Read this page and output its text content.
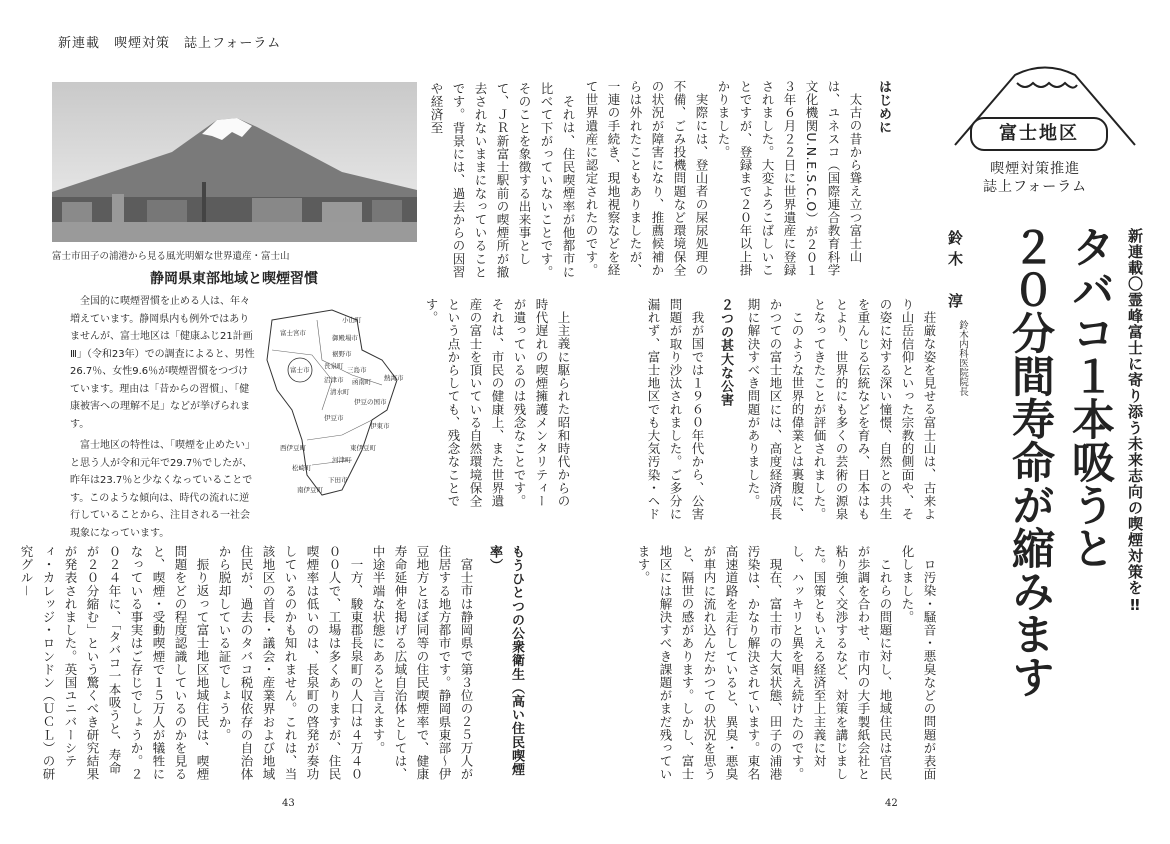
新連載　喫煙対策　誌上フォーラム
富士市田子の浦港から見る風光明媚な世界遺産・富士山
静岡県東部地域と喫煙習慣

全国的に喫煙習慣を止める人は、年々増えています。静岡県内も例外ではありませんが、富士地区は「健康ふじ21計画Ⅲ」（令和23年）での調査によると、男性26.7％、女性9.6％が喫煙習慣をつづけています。理由は「昔からの習慣」、「健康被害への理解不足」などが挙げられます。

富士地区の特性は、「喫煙を止めたい」と思う人が令和元年で29.7％でしたが、昨年は23.7％と少なくなっていることです。このような傾向は、時代の流れに逆行していることから、注目される一社会現象になっています。

小山町
御殿場市
裾野市
富士宮市
富士市 長泉町 三島市
沼津市 函南町
清水町
熱海市
伊豆の国市
伊豆市
伊東市
西伊豆町	東伊豆町
河津町
松崎町
下田市
南伊豆町

それは、住民喫煙率が他都市に比べて下がっていないことです。そのことを象徴する出来事として、ＪＲ新富士駅前の喫煙所が撤去されないままになっていることです。背景には、過去からの因習や経済至

上主義に駆られた昭和時代からの時代遅れの喫煙擁護メンタリティーが遺っているのは残念なことです。それは、市民の健康上、また世界遺産の富士を頂いている自然環境保全という点からしても、残念なことです。

もうひとつの公衆衛生（高い住民喫煙率）

富士市は静岡県で第３位の２５万人が住居する地方都市です。静岡県東部～伊豆地方とほぼ同等の住民喫煙率で、健康寿命延伸を掲げる広域自治体としては、中途半端な状態にあると言えます。

一方、駿東郡長泉町の人口は４万４０００人で、工場は多くありますが、住民喫煙率は低いのは、長泉町の啓発が奏功しているのかも知れません。これは、当該地区の首長・議会・産業界および地域住民が、過去のタバコ税収依存の自治体から脱却している証でしょうか。

振り返って富士地区地域住民は、喫煙問題をどの程度認識しているのかを見ると、喫煙・受動喫煙で１５万人が犠牲になっている事実はご存じでしょうか。２０２４年に、「タバコ一本吸うと、寿命が２０分縮む」という驚くべき研究結果が発表されました。英国ユニバーシティ・カレッジ・ロンドン（ＵＣＬ）の研究グル－

43
富士地区
喫煙対策推進
誌上フォーラム
新連載〇霊峰富士に寄り添う未来志向の喫煙対策を‼
タバコ１本吸うと
２０分間寿命が縮みます
鈴木　淳
鈴木内科医院院長

はじめに

太古の昔から聳え立つ富士山は、ユネスコ（国際連合教育科学文化機関U.N.E.S.C.O）が２０１３年６月２２日に世界遺産に登録されました。大変よろこばしいことですが、登録まで２０年以上掛かりました。

実際には、登山者の屎尿処理の不備、ごみ投機問題など環境保全の状況が障害になり、推薦候補からは外れたこともありましたが、一連の手続き、現地視察などを経て世界遺産に認定されたのです。

荘厳な姿を見せる富士山は、古来より山岳信仰といった宗教的側面や、その姿に対する深い憧憬、自然との共生を重んじる伝統などを育み、日本はもとより、世界的にも多くの芸術の源泉となってきたことが評価されました。

このような世界的偉業とは裏腹に、かつての富士地区には、高度経済成長期に解決すべき問題がありました。

２つの甚大な公害

我が国では１９６０年代から、公害問題が取り沙汰されました。ご多分に漏れず、富士地区でも大気汚染・ヘド

ロ汚染・騒音・悪臭などの問題が表面化しました。

これらの問題に対し、地域住民は官民が歩調を合わせ、市内の大手製紙会社と粘り強く交渉するなど、対策を講じました。国策ともいえる経済至上主義に対し、ハッキリと異を唱え続けたのです。

現在、富士市の大気状態、田子の浦港汚染は、かなり解決されています。東名高速道路を走行していると、異臭・悪臭が車内に流れ込んだかつての状況を思うと、隔世の感があります。しかし、富士地区には解決すべき課題がまだ残っています。

42
